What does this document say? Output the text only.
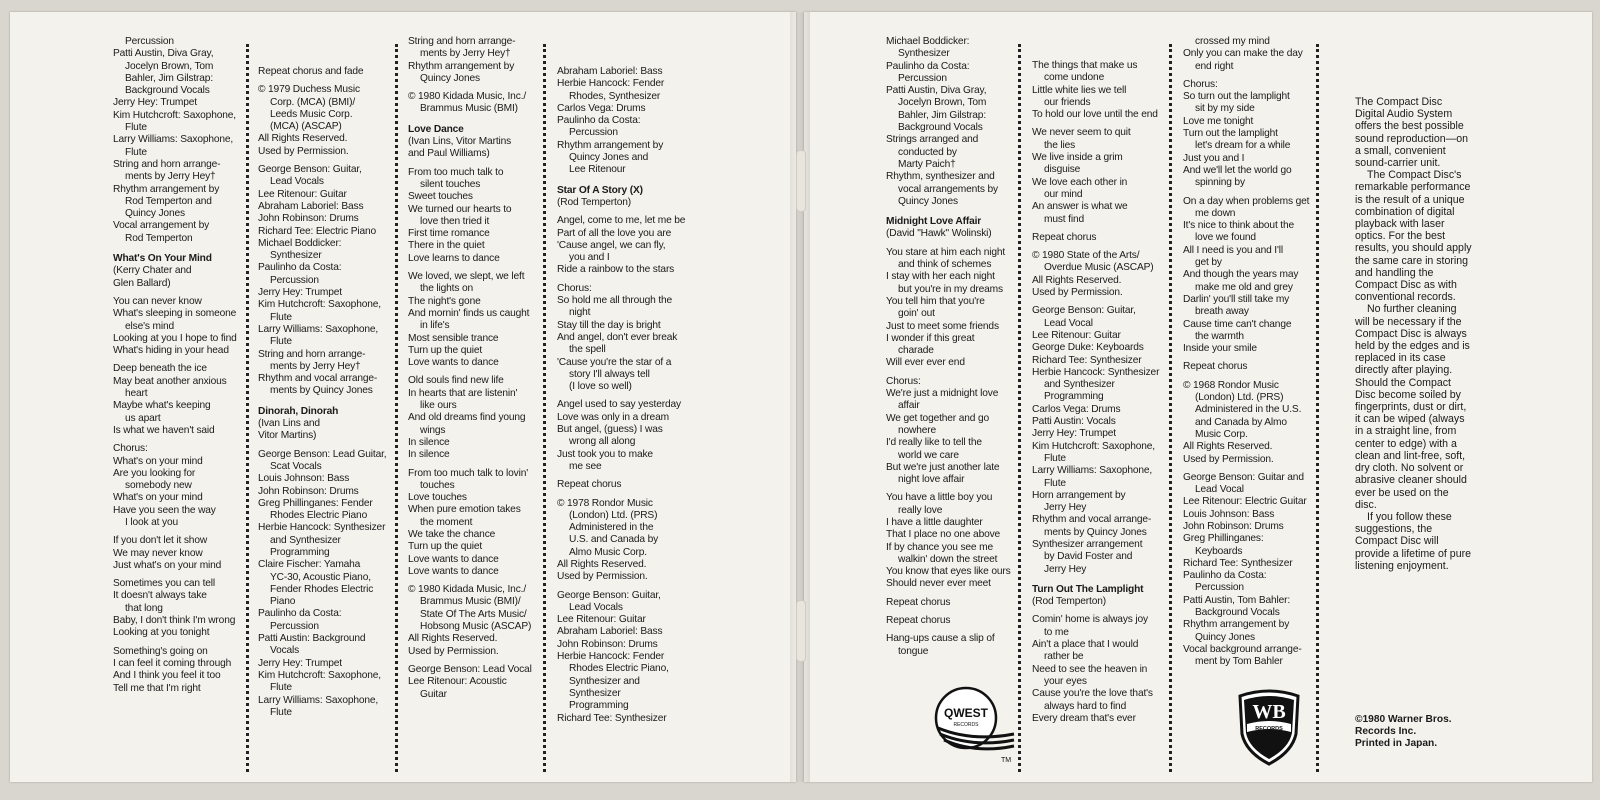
Percussion
Patti Austin, Diva Gray,
Jocelyn Brown, Tom
Bahler, Jim Gilstrap:
Background Vocals
Jerry Hey: Trumpet
Kim Hutchcroft: Saxophone,
Flute
Larry Williams: Saxophone,
Flute
String and horn arrange-
ments by Jerry Hey†
Rhythm arrangement by
Rod Temperton and
Quincy Jones
Vocal arrangement by
Rod Temperton
What's On Your Mind
(Kerry Chater and
Glen Ballard)
You can never know
What's sleeping in someone
else's mind
Looking at you I hope to find
What's hiding in your head
Deep beneath the ice
May beat another anxious
heart
Maybe what's keeping
us apart
Is what we haven't said
Chorus:
What's on your mind
Are you looking for
somebody new
What's on your mind
Have you seen the way
I look at you
If you don't let it show
We may never know
Just what's on your mind
Sometimes you can tell
It doesn't always take
that long
Baby, I don't think I'm wrong
Looking at you tonight
Something's going on
I can feel it coming through
And I think you feel it too
Tell me that I'm right
Repeat chorus and fade
© 1979 Duchess Music
Corp. (MCA) (BMI)/
Leeds Music Corp.
(MCA) (ASCAP)
All Rights Reserved.
Used by Permission.
George Benson: Guitar,
Lead Vocals
Lee Ritenour: Guitar
Abraham Laboriel: Bass
John Robinson: Drums
Richard Tee: Electric Piano
Michael Boddicker:
Synthesizer
Paulinho da Costa:
Percussion
Jerry Hey: Trumpet
Kim Hutchcroft: Saxophone,
Flute
Larry Williams: Saxophone,
Flute
String and horn arrange-
ments by Jerry Hey†
Rhythm and vocal arrange-
ments by Quincy Jones
Dinorah, Dinorah
(Ivan Lins and
Vitor Martins)
George Benson: Lead Guitar,
Scat Vocals
Louis Johnson: Bass
John Robinson: Drums
Greg Phillinganes: Fender
Rhodes Electric Piano
Herbie Hancock: Synthesizer
and Synthesizer
Programming
Claire Fischer: Yamaha
YC-30, Acoustic Piano,
Fender Rhodes Electric
Piano
Paulinho da Costa:
Percussion
Patti Austin: Background
Vocals
Jerry Hey: Trumpet
Kim Hutchcroft: Saxophone,
Flute
Larry Williams: Saxophone,
Flute
String and horn arrange-
ments by Jerry Hey†
Rhythm arrangement by
Quincy Jones
© 1980 Kidada Music, Inc./
Brammus Music (BMI)
Love Dance
(Ivan Lins, Vitor Martins
and Paul Williams)
From too much talk to
silent touches
Sweet touches
We turned our hearts to
love then tried it
First time romance
There in the quiet
Love learns to dance
We loved, we slept, we left
the lights on
The night's gone
And mornin' finds us caught
in life's
Most sensible trance
Turn up the quiet
Love wants to dance
Old souls find new life
In hearts that are listenin'
like ours
And old dreams find young
wings
In silence
In silence
From too much talk to lovin'
touches
Love touches
When pure emotion takes
the moment
We take the chance
Turn up the quiet
Love wants to dance
Love wants to dance
© 1980 Kidada Music, Inc./
Brammus Music (BMI)/
State Of The Arts Music/
Hobsong Music (ASCAP)
All Rights Reserved.
Used by Permission.
George Benson: Lead Vocal
Lee Ritenour: Acoustic
Guitar
Abraham Laboriel: Bass
Herbie Hancock: Fender
Rhodes, Synthesizer
Carlos Vega: Drums
Paulinho da Costa:
Percussion
Rhythm arrangement by
Quincy Jones and
Lee Ritenour
Star Of A Story (X)
(Rod Temperton)
Angel, come to me, let me be
Part of all the love you are
'Cause angel, we can fly,
you and I
Ride a rainbow to the stars
Chorus:
So hold me all through the
night
Stay till the day is bright
And angel, don't ever break
the spell
'Cause you're the star of a
story I'll always tell
(I love so well)
Angel used to say yesterday
Love was only in a dream
But angel, (guess) I was
wrong all along
Just took you to make
me see
Repeat chorus
© 1978 Rondor Music
(London) Ltd. (PRS)
Administered in the
U.S. and Canada by
Almo Music Corp.
All Rights Reserved.
Used by Permission.
George Benson: Guitar,
Lead Vocals
Lee Ritenour: Guitar
Abraham Laboriel: Bass
John Robinson: Drums
Herbie Hancock: Fender
Rhodes Electric Piano,
Synthesizer and
Synthesizer
Programming
Richard Tee: Synthesizer
Michael Boddicker:
Synthesizer
Paulinho da Costa:
Percussion
Patti Austin, Diva Gray,
Jocelyn Brown, Tom
Bahler, Jim Gilstrap:
Background Vocals
Strings arranged and
conducted by
Marty Paich†
Rhythm, synthesizer and
vocal arrangements by
Quincy Jones
Midnight Love Affair
(David "Hawk" Wolinski)
You stare at him each night
and think of schemes
I stay with her each night
but you're in my dreams
You tell him that you're
goin' out
Just to meet some friends
I wonder if this great
charade
Will ever ever end
Chorus:
We're just a midnight love
affair
We get together and go
nowhere
I'd really like to tell the
world we care
But we're just another late
night love affair
You have a little boy you
really love
I have a little daughter
That I place no one above
If by chance you see me
walkin' down the street
You know that eyes like ours
Should never ever meet
Repeat chorus
Repeat chorus
Hang-ups cause a slip of
tongue
The things that make us
come undone
Little white lies we tell
our friends
To hold our love until the end
We never seem to quit
the lies
We live inside a grim
disguise
We love each other in
our mind
An answer is what we
must find
Repeat chorus
© 1980 State of the Arts/
Overdue Music (ASCAP)
All Rights Reserved.
Used by Permission.
George Benson: Guitar,
Lead Vocal
Lee Ritenour: Guitar
George Duke: Keyboards
Richard Tee: Synthesizer
Herbie Hancock: Synthesizer
and Synthesizer
Programming
Carlos Vega: Drums
Patti Austin: Vocals
Jerry Hey: Trumpet
Kim Hutchcroft: Saxophone,
Flute
Larry Williams: Saxophone,
Flute
Horn arrangement by
Jerry Hey
Rhythm and vocal arrange-
ments by Quincy Jones
Synthesizer arrangement
by David Foster and
Jerry Hey
Turn Out The Lamplight
(Rod Temperton)
Comin' home is always joy
to me
Ain't a place that I would
rather be
Need to see the heaven in
your eyes
Cause you're the love that's
always hard to find
Every dream that's ever
crossed my mind
Only you can make the day
end right
Chorus:
So turn out the lamplight
sit by my side
Love me tonight
Turn out the lamplight
let's dream for a while
Just you and I
And we'll let the world go
spinning by
On a day when problems get
me down
It's nice to think about the
love we found
All I need is you and I'll
get by
And though the years may
make me old and grey
Darlin' you'll still take my
breath away
Cause time can't change
the warmth
Inside your smile
Repeat chorus
© 1968 Rondor Music
(London) Ltd. (PRS)
Administered in the U.S.
and Canada by Almo
Music Corp.
All Rights Reserved.
Used by Permission.
George Benson: Guitar and
Lead Vocal
Lee Ritenour: Electric Guitar
Louis Johnson: Bass
John Robinson: Drums
Greg Phillinganes:
Keyboards
Richard Tee: Synthesizer
Paulinho da Costa:
Percussion
Patti Austin, Tom Bahler:
Background Vocals
Rhythm arrangement by
Quincy Jones
Vocal background arrange-
ment by Tom Bahler

The Compact Disc Digital Audio System offers the best possible sound reproduction—on a small, convenient sound-carrier unit.

The Compact Disc's remarkable performance is the result of a unique combination of digital playback with laser optics. For the best results, you should apply the same care in storing and handling the Compact Disc as with conventional records.

No further cleaning will be necessary if the Compact Disc is always held by the edges and is replaced in its case directly after playing. Should the Compact Disc become soiled by fingerprints, dust or dirt, it can be wiped (always in a straight line, from center to edge) with a clean and lint-free, soft, dry cloth. No solvent or abrasive cleaner should ever be used on the disc.

If you follow these suggestions, the Compact Disc will provide a lifetime of pure listening enjoyment.

©1980 Warner Bros.
Records Inc.
Printed in Japan.
QWEST
RECORDS
TM
WB
RECORDS
